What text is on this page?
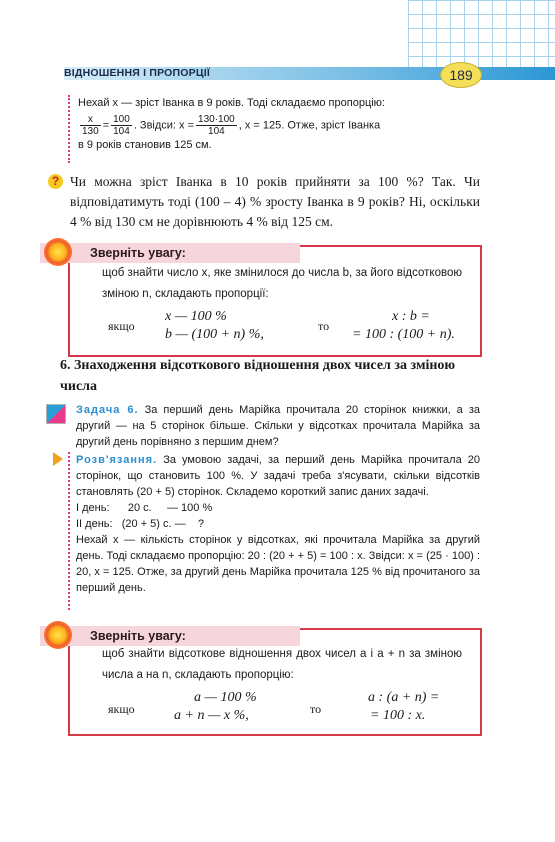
ВІДНОШЕННЯ І ПРОПОРЦІЇ	189
Нехай x — зріст Іванка в 9 років. Тоді складаємо пропорцію:
$\frac{x}{130} = \frac{100}{104}$ . Звідси: $x = \frac{130\cdot 100}{104}$ , x = 125. Отже, зріст Іванка
в 9 років становив 125 см.
? Чи можна зріст Іванка в 10 років прийняти за 100 %? Так. Чи відповідатимуть тоді (100 – 4) % зросту Іванка в 9 років? Ні, оскільки 4 % від 130 см не дорівнюють 4 % від 125 см.
щоб знайти число x, яке змінилося до числа b, за його відсотковою зміною n, складають пропорції:
якщо
x — 100 %
b — (100 + n) %,
то
x : b =
= 100 : (100 + n).
Зверніть увагу:
6. Знаходження відсоткового відношення двох чисел за зміною числа
Задача 6. За перший день Марійка прочитала 20 сторінок книжки, а за другий — на 5 сторінок більше. Скільки у відсотках прочитала Марійка за другий день порівняно з першим днем?
Розв'язання. За умовою задачі, за перший день Марійка прочитала 20 сторінок, що становить 100 %. У задачі треба з'ясувати, скільки відсотків становлять (20 + 5) сторінок. Складемо короткий запис даних задачі.
І день:      20 с.     — 100 %
ІІ день:   (20 + 5) с. —    ?
Нехай x — кількість сторінок у відсотках, які прочитала Марійка за другий день. Тоді складаємо пропорцію: 20 : (20 + + 5) = 100 : x. Звідси: x = (25 · 100) : 20, x = 125. Отже, за другий день Марійка прочитала 125 % від прочитаного за перший день.
щоб знайти відсоткове відношення двох чисел a і a + n за зміною числа a на n, складають пропорцію:
якщо
a — 100 %
a + n — x %,	то
a : (a + n) =
= 100 : x.
Зверніть увагу:
